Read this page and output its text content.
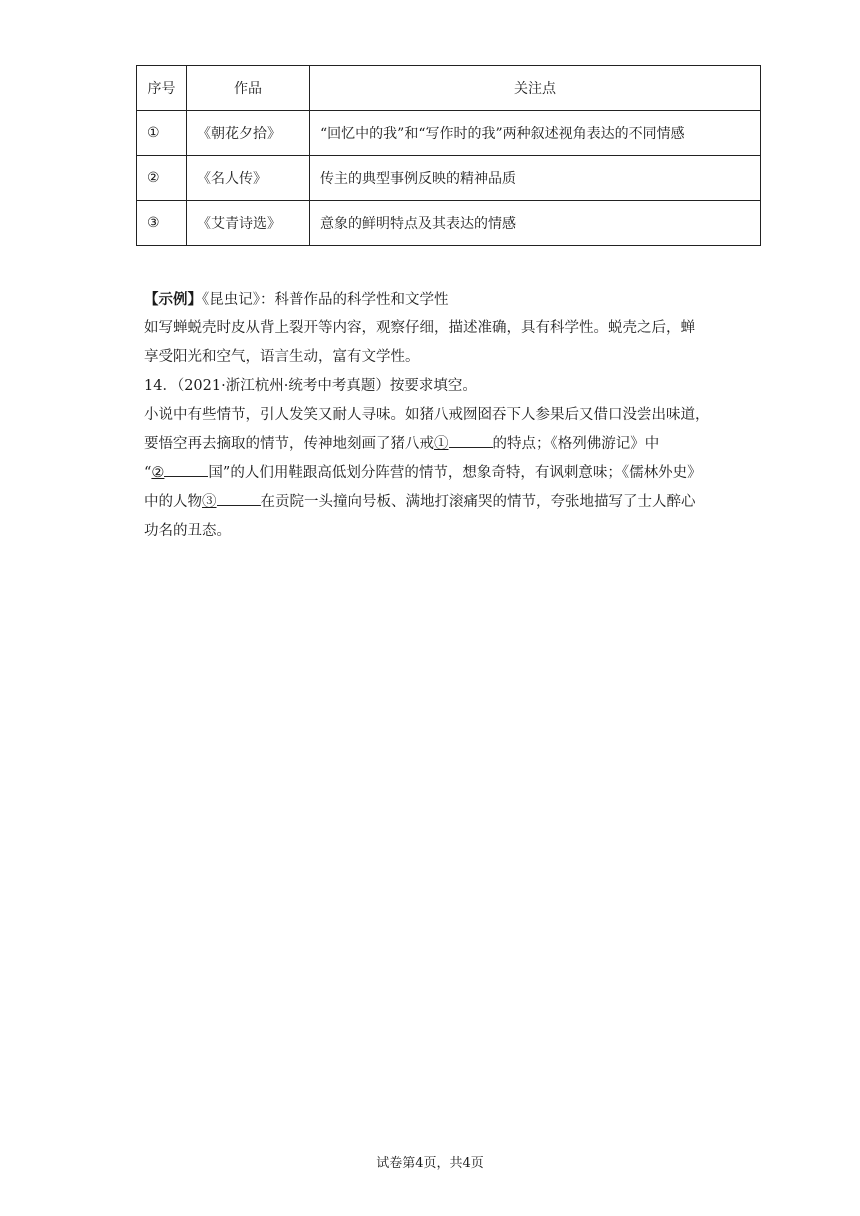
序号	作品	关注点
①	《朝花夕拾》	“回忆中的我”和“写作时的我”两种叙述视角表达的不同情感
②	《名人传》	传主的典型事例反映的精神品质
③	《艾青诗选》	意象的鲜明特点及其表达的情感
【示例】《昆虫记》：科普作品的科学性和文学性
如写蝉蜕壳时皮从背上裂开等内容，观察仔细，描述准确，具有科学性。蜕壳之后，蝉
享受阳光和空气，语言生动，富有文学性。
14．（2021·浙江杭州·统考中考真题）按要求填空。
小说中有些情节，引人发笑又耐人寻味。如猪八戒囫囵吞下人参果后又借口没尝出味道，
要悟空再去摘取的情节，传神地刻画了猪八戒①	的特点；《格列佛游记》中
“②	国”的人们用鞋跟高低划分阵营的情节，想象奇特，有讽刺意味；《儒林外史》
中的人物③	在贡院一头撞向号板、满地打滚痛哭的情节，夸张地描写了士人醉心
功名的丑态。
试卷第4页，共4页
